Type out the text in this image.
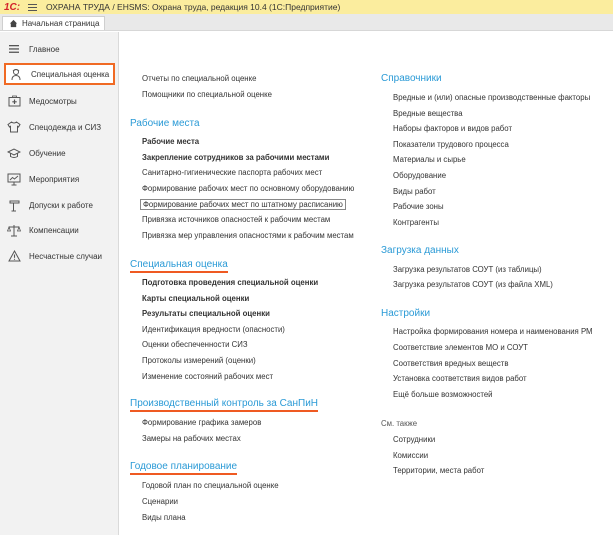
1С:	ОХРАНА ТРУДА / EHSMS: Охрана труда, редакция 10.4 (1С:Предприятие)
Начальная страница
Главное
Специальная оценка
Медосмотры
Спецодежда и СИЗ
Обучение
Мероприятия
Допуски к работе
Компенсации
Несчастные случаи
Отчеты по специальной оценке
Помощники по специальной оценке
Рабочие места
Рабочие места
Закрепление сотрудников за рабочими местами
Санитарно-гигиенические паспорта рабочих мест
Формирование рабочих мест по основному оборудованию
Формирование рабочих мест по штатному расписанию
Привязка источников опасностей к рабочим местам
Привязка мер управления опасностями к рабочим местам
Специальная оценка
Подготовка проведения специальной оценки
Карты специальной оценки
Результаты специальной оценки
Идентификация вредности (опасности)
Оценки обеспеченности СИЗ
Протоколы измерений (оценки)
Изменение состояний рабочих мест
Производственный контроль за СанПиН
Формирование графика замеров
Замеры на рабочих местах
Годовое планирование
Годовой план по специальной оценке
Сценарии
Виды плана
Справочники
Вредные и (или) опасные производственные факторы
Вредные вещества
Наборы факторов и видов работ
Показатели трудового процесса
Материалы и сырье
Оборудование
Виды работ
Рабочие зоны
Контрагенты
Загрузка данных
Загрузка результатов СОУТ (из таблицы)
Загрузка результатов СОУТ (из файла XML)
Настройки
Настройка формирования номера и наименования РМ
Соответствие элементов МО и СОУТ
Соответствия вредных веществ
Установка соответствия видов работ
Ещё больше возможностей
См. также
Сотрудники
Комиссии
Территории, места работ
